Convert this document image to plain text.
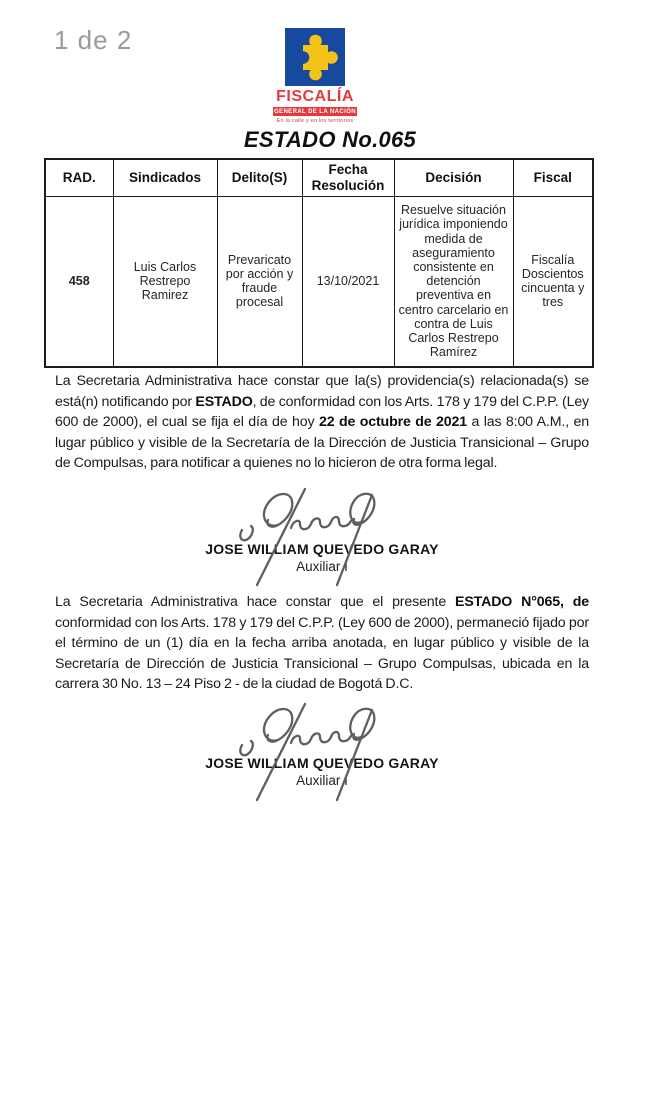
1 de 2
FISCALÍA
GENERAL DE LA NACIÓN
En la calle y en los territorios
ESTADO No.065
RAD.	Sindicados	Delito(S)	Fecha Resolución	Decisión	Fiscal
458	Luis Carlos Restrepo Ramirez	Prevaricato por acción y fraude procesal	13/10/2021	Resuelve situación jurídica imponiendo medida de aseguramiento consistente en detención preventiva en centro carcelario en contra de Luis Carlos Restrepo Ramírez	Fiscalía Doscientos cincuenta y tres

La Secretaria Administrativa hace constar que la(s) providencia(s) relacionada(s) se está(n) notificando por ESTADO, de conformidad con los Arts. 178 y 179 del C.P.P. (Ley 600 de 2000), el cual se fija el día de hoy 22 de octubre de 2021 a las 8:00 A.M., en lugar público y visible de la Secretaría de la Dirección de Justicia Transicional – Grupo de Compulsas, para notificar a quienes no lo hicieron de otra forma legal.

JOSE WILLIAM QUEVEDO GARAY
Auxiliar I

La Secretaria Administrativa hace constar que el presente ESTADO N°065, de conformidad con los Arts. 178 y 179 del C.P.P. (Ley 600 de 2000), permaneció fijado por el término de un (1) día en la fecha arriba anotada, en lugar público y visible de la Secretaría de Dirección de Justicia Transicional – Grupo Compulsas, ubicada en la carrera 30 No. 13 – 24 Piso 2 - de la ciudad de Bogotá D.C.

JOSE WILLIAM QUEVEDO GARAY
Auxiliar I
